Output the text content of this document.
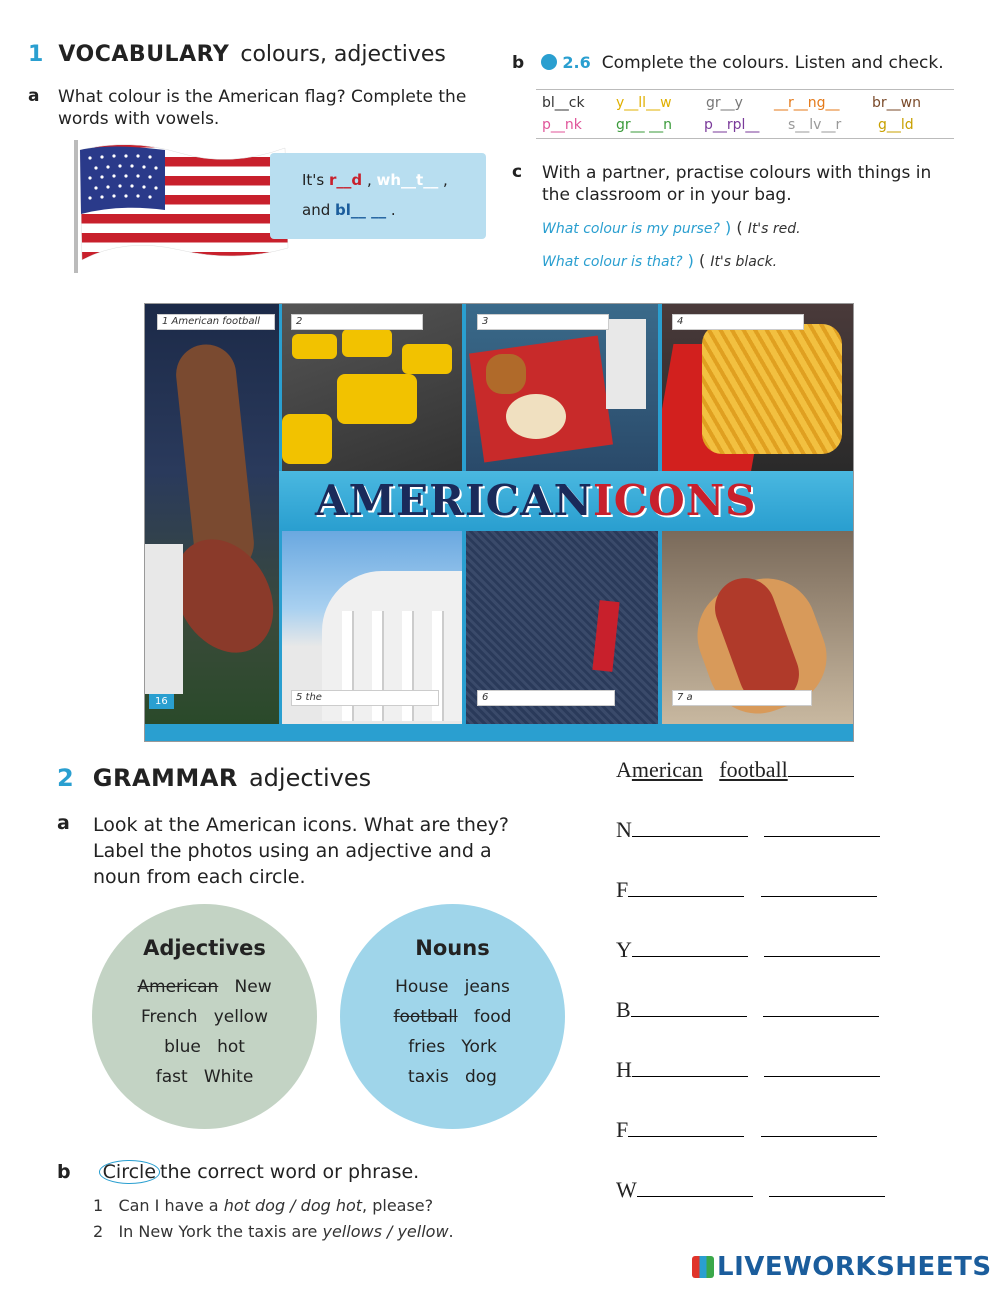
1 VOCABULARY colours, adjectives
a What colour is the American flag? Complete the words with vowels.
It's r__d , wh__t__ ,
and bl__ __ .
b 2.6 Complete the colours. Listen and check.
bl__ck y__ll__w gr__y __r__ng__ br__wn
p__nk gr__ __n p__rpl__ s__lv__r	g__ld
c With a partner, practise colours with things in the classroom or in your bag.
What colour is my purse? ) ( It's red.
What colour is that? ) ( It's black.
AMERICANICONS
1 American football	2	3	4
5 the	6	7 a
16
2 GRAMMAR adjectives
a Look at the American icons. What are they? Label the photos using an adjective and a noun from each circle.
Adjectives
American New
French yellow
blue hot
fast White
Nouns
House jeans
football food
fries York
taxis dog
b Circle the correct word or phrase.
1 Can I have a hot dog / dog hot, please?
2 In New York the taxis are yellows / yellow.
American football
N
F
Y
B
H
F
W
LIVEWORKSHEETS
